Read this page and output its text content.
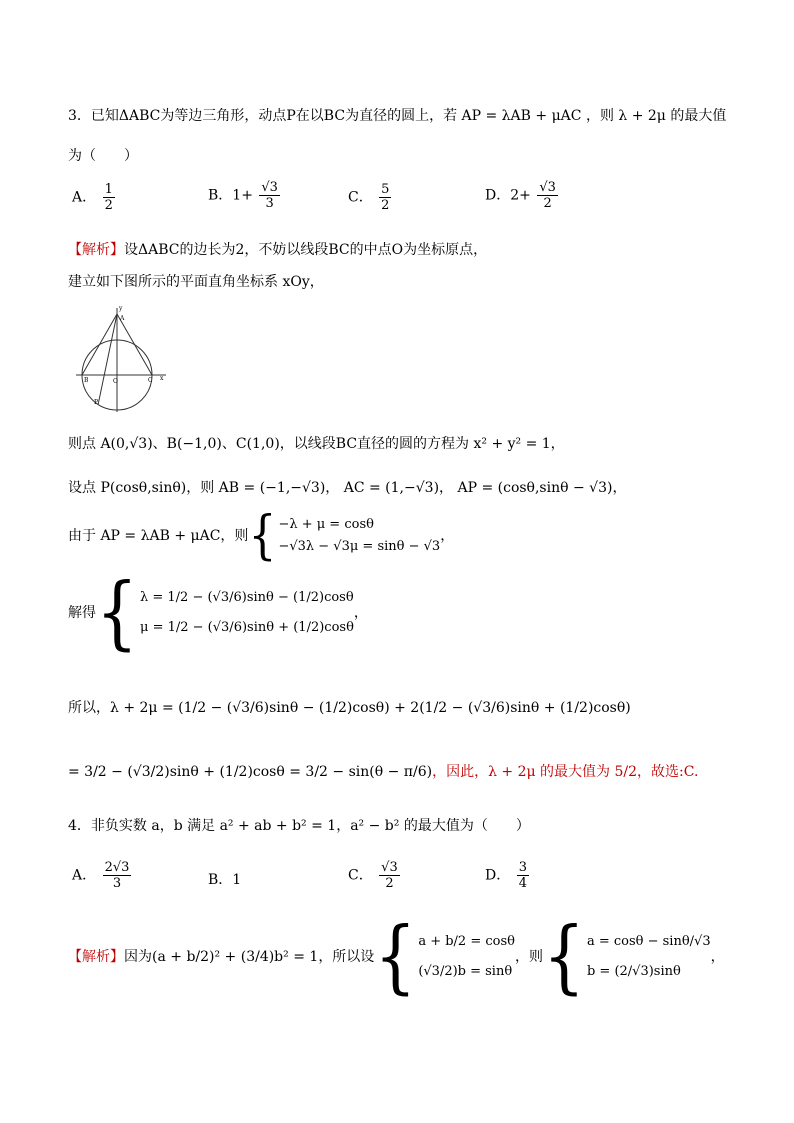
3．已知ΔABC为等边三角形，动点P在以BC为直径的圆上，若 AP = λAB + μAC ，则 λ + 2μ 的最大值
为（　　）
A． $\frac{1}{2}$	B．$1+ \frac{√3}{3}$	C． $\frac{5}{2}$	D．$2+ \frac{√3}{2}$
【解析】设ΔABC的边长为2，不妨以线段BC的中点O为坐标原点，
建立如下图所示的平面直角坐标系 xOy，
y
A
B	O	C x
P
则点 A(0,√3)、B(−1,0)、C(1,0)，以线段BC直径的圆的方程为 x² + y² = 1，
设点 P(cosθ,sinθ)，则 AB = (−1,−√3)， AC = (1,−√3)， AP = (cosθ,sinθ − √3)，
由于 AP = λAB + μAC，则{ −λ + μ = cosθ
−√3λ − √3μ = sinθ − √3
，
解得{ λ = 1/2 − (√3/6)sinθ − (1/2)cosθ
μ = 1/2 − (√3/6)sinθ + (1/2)cosθ
，
所以，λ + 2μ = (1/2 − (√3/6)sinθ − (1/2)cosθ) + 2(1/2 − (√3/6)sinθ + (1/2)cosθ)
= 3/2 − (√3/2)sinθ + (1/2)cosθ = 3/2 − sin(θ − π/6)，因此，λ + 2μ 的最大值为 5/2，故选:C.
4．非负实数 a，b 满足 a² + ab + b² = 1，a² − b² 的最大值为（　　）
A． $\frac{2√3}{3}$	B．1	C． $\frac{√3}{2}$	D． $\frac{3}{4}$
【解析】因为(a + b/2)² + (3/4)b² = 1，所以设{ a + b/2 = cosθ
(√3/2)b = sinθ
，则{ a = cosθ − sinθ/√3
b = (2/√3)sinθ
，
